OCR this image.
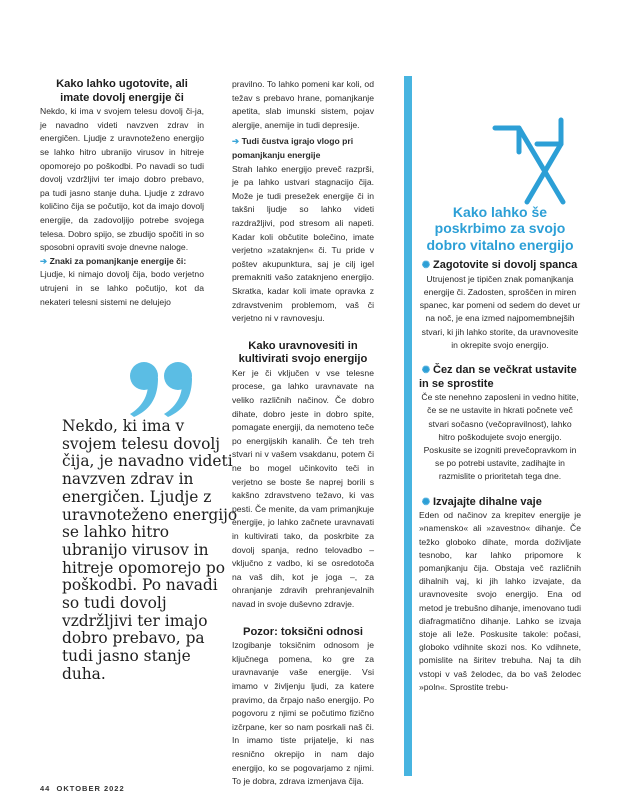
Kako lahko ugotovite, ali imate dovolj energije či

Nekdo, ki ima v svojem telesu dovolj či-ja, je navadno videti navzven zdrav in energičen. Ljudje z uravnoteženo energijo se lahko hitro ubranijo virusov in hitreje opomorejo po poškodbi. Po navadi so tudi dovolj vzdržljivi ter imajo dobro prebavo, pa tudi jasno stanje duha. Ljudje z zdravo količino čija se počutijo, kot da imajo dovolj energije, da zadovoljijo potrebe svojega telesa. Dobro spijo, se zbudijo spočiti in so sposobni opraviti svoje dnevne naloge.

➔ Znaki za pomanjkanje energije či:

Ljudje, ki nimajo dovolj čija, bodo verjetno utrujeni in se lahko počutijo, kot da nekateri telesni sistemi ne delujejo

Nekdo, ki ima v svojem telesu dovolj čija, je navadno videti navzven zdrav in energičen. Ljudje z uravnoteženo energijo se lahko hitro ubranijo virusov in hitreje opomorejo po poškodbi. Po navadi so tudi dovolj vzdržljivi ter imajo dobro prebavo, pa tudi jasno stanje duha.

pravilno. To lahko pomeni kar koli, od težav s prebavo hrane, pomanjkanje apetita, slab imunski sistem, pojav alergije, anemije in tudi depresije.

➔ Tudi čustva igrajo vlogo pri pomanjkanju energije

Strah lahko energijo preveč razprši, je pa lahko ustvari stagnacijo čija. Može je tudi presežek energije či in takšni ljudje so lahko videti razdražljivi, pod stresom ali napeti. Kadar koli občutite bolečino, imate verjetno »zataknjen« či. Tu pride v poštev akupunktura, saj je cilj igel premakniti vašo zataknjeno energijo. Skratka, kadar koli imate opravka z zdravstvenim problemom, vaš či verjetno ni v ravnovesju.

Kako uravnovesiti in kultivirati svojo energijo

Ker je či vključen v vse telesne procese, ga lahko uravnavate na veliko različnih načinov. Če dobro dihate, dobro jeste in dobro spite, pomagate energiji, da nemoteno teče po energijskih kanalih. Če teh treh stvari ni v vašem vsakdanu, potem či ne bo mogel učinkovito teči in verjetno se boste še naprej borili s kakšno zdravstveno težavo, ki vas pesti. Če menite, da vam primanjkuje energije, jo lahko začnete uravnavati in kultivirati tako, da poskrbite za dovolj spanja, redno telovadbo – vključno z vadbo, ki se osredotoča na vaš dih, kot je joga –, za ohranjanje zdravih prehranjevalnih navad in svoje duševno zdravje.

Pozor: toksični odnosi

Izogibanje toksičnim odnosom je ključnega pomena, ko gre za uravnavanje vaše energije. Vsi imamo v življenju ljudi, za katere pravimo, da črpajo našo energijo. Po pogovoru z njimi se počutimo fizično izčrpane, ker so nam posrkali naš či. In imamo tiste prijatelje, ki nas resnično okrepijo in nam dajo energijo, ko se pogovarjamo z njimi. To je dobra, zdrava izmenjava čija.

Kako lahko še poskrbimo za svojo dobro vitalno energijo
✺ Zagotovite si dovolj spanca

Utrujenost je tipičen znak pomanjkanja energije či. Zadosten, sproščen in miren spanec, kar pomeni od sedem do devet ur na noč, je ena izmed najpomembnejših stvari, ki jih lahko storite, da uravnovesite in okrepite svojo energijo.

✺ Čez dan se večkrat ustavite in se sprostite

Če ste nenehno zaposleni in vedno hitite, če se ne ustavite in hkrati počnete več stvari sočasno (večopravilnost), lahko hitro poškodujete svojo energijo. Poskusite se izogniti prevečopravkom in se po potrebi ustavite, zadihajte in razmislite o prioritetah tega dne.

✺ Izvajajte dihalne vaje

Eden od načinov za krepitev energije je »namensko« ali »zavestno« dihanje. Če težko globoko dihate, morda doživljate tesnobo, kar lahko pripomore k pomanjkanju čija. Obstaja več različnih dihalnih vaj, ki jih lahko izvajate, da uravnovesite svojo energijo. Ena od metod je trebušno dihanje, imenovano tudi diafragmatično dihanje. Lahko se izvaja stoje ali leže. Poskusite takole: počasi, globoko vdihnite skozi nos. Ko vdihnete, pomislite na širitev trebuha. Naj ta dih vstopi v vaš želodec, da bo vaš želodec »poln«. Sprostite trebu-

44 OKTOBER 2022
